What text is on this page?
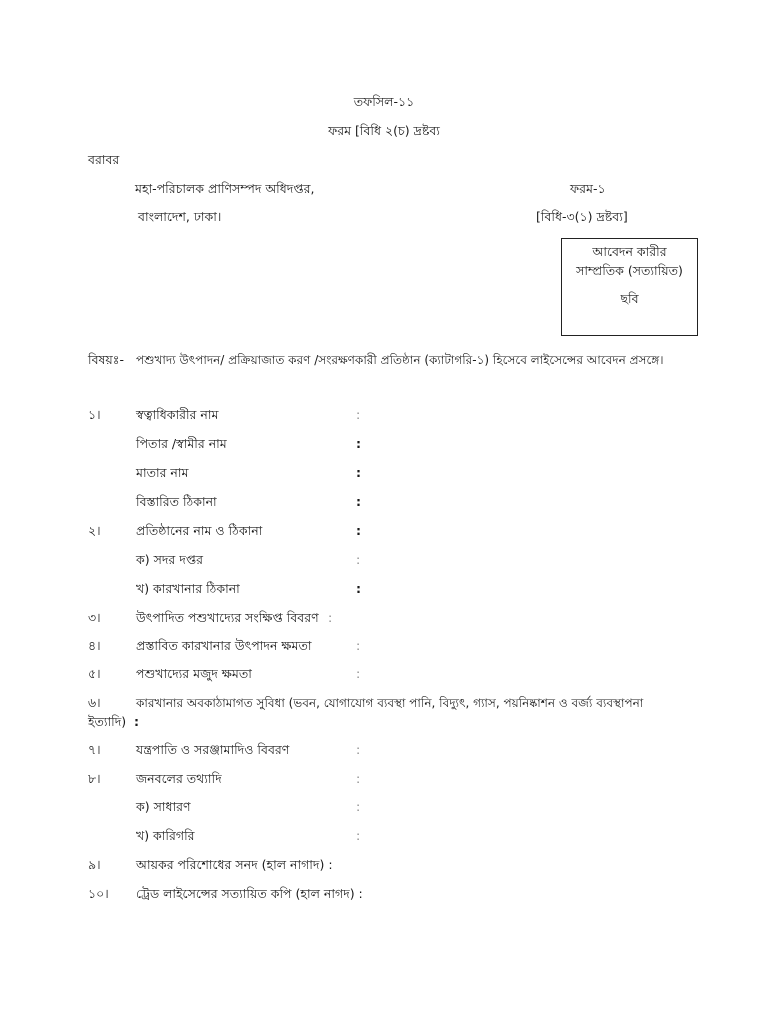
তফসিল-১১
ফরম [বিধি ২(চ) দ্রষ্টব্য
বরাবর
মহা-পরিচালক প্রাণিসম্পদ অধিদপ্তর,
বাংলাদেশ, ঢাকা।
ফরম-১
[বিধি-৩(১) দ্রষ্টব্য]
আবেদন কারীর
সাম্প্রতিক (সত্যায়িত)
ছবি
বিষয়ঃ- পশুখাদ্য উৎপাদন/ প্রক্রিয়াজাত করণ /সংরক্ষণকারী প্রতিষ্ঠান (ক্যাটাগরি-১) হিসেবে লাইসেন্সের আবেদন প্রসঙ্গে।
১।	স্বত্বাধিকারীর নাম	:
পিতার /স্বামীর নাম	:
মাতার নাম	:
বিস্তারিত ঠিকানা	:
২।	প্রতিষ্ঠানের নাম ও ঠিকানা	:
ক) সদর দপ্তর	:
খ) কারখানার ঠিকানা	:
৩।	উৎপাদিত পশুখাদ্যের সংক্ষিপ্ত বিবরণ :
৪।	প্রস্তাবিত কারখানার উৎপাদন ক্ষমতা	:
৫।	পশুখাদ্যের মজুদ ক্ষমতা	:
৬।	কারখানার অবকাঠামাগত সুবিধা (ভবন, যোগাযোগ ব্যবস্থা পানি, বিদ্যুৎ, গ্যাস, পয়নিষ্কাশন ও বর্জ্য ব্যবস্থাপনা
ইত্যাদি) :
৭।	যন্ত্রপাতি ও সরঞ্জামাদিও বিবরণ	:
৮।	জনবলের তথ্যাদি	:
ক) সাধারণ	:
খ) কারিগরি	:
৯।	আয়কর পরিশোধের সনদ (হাল নাগাদ) :
১০। ট্রেড লাইসেন্সের সত্যায়িত কপি (হাল নাগদ) :
